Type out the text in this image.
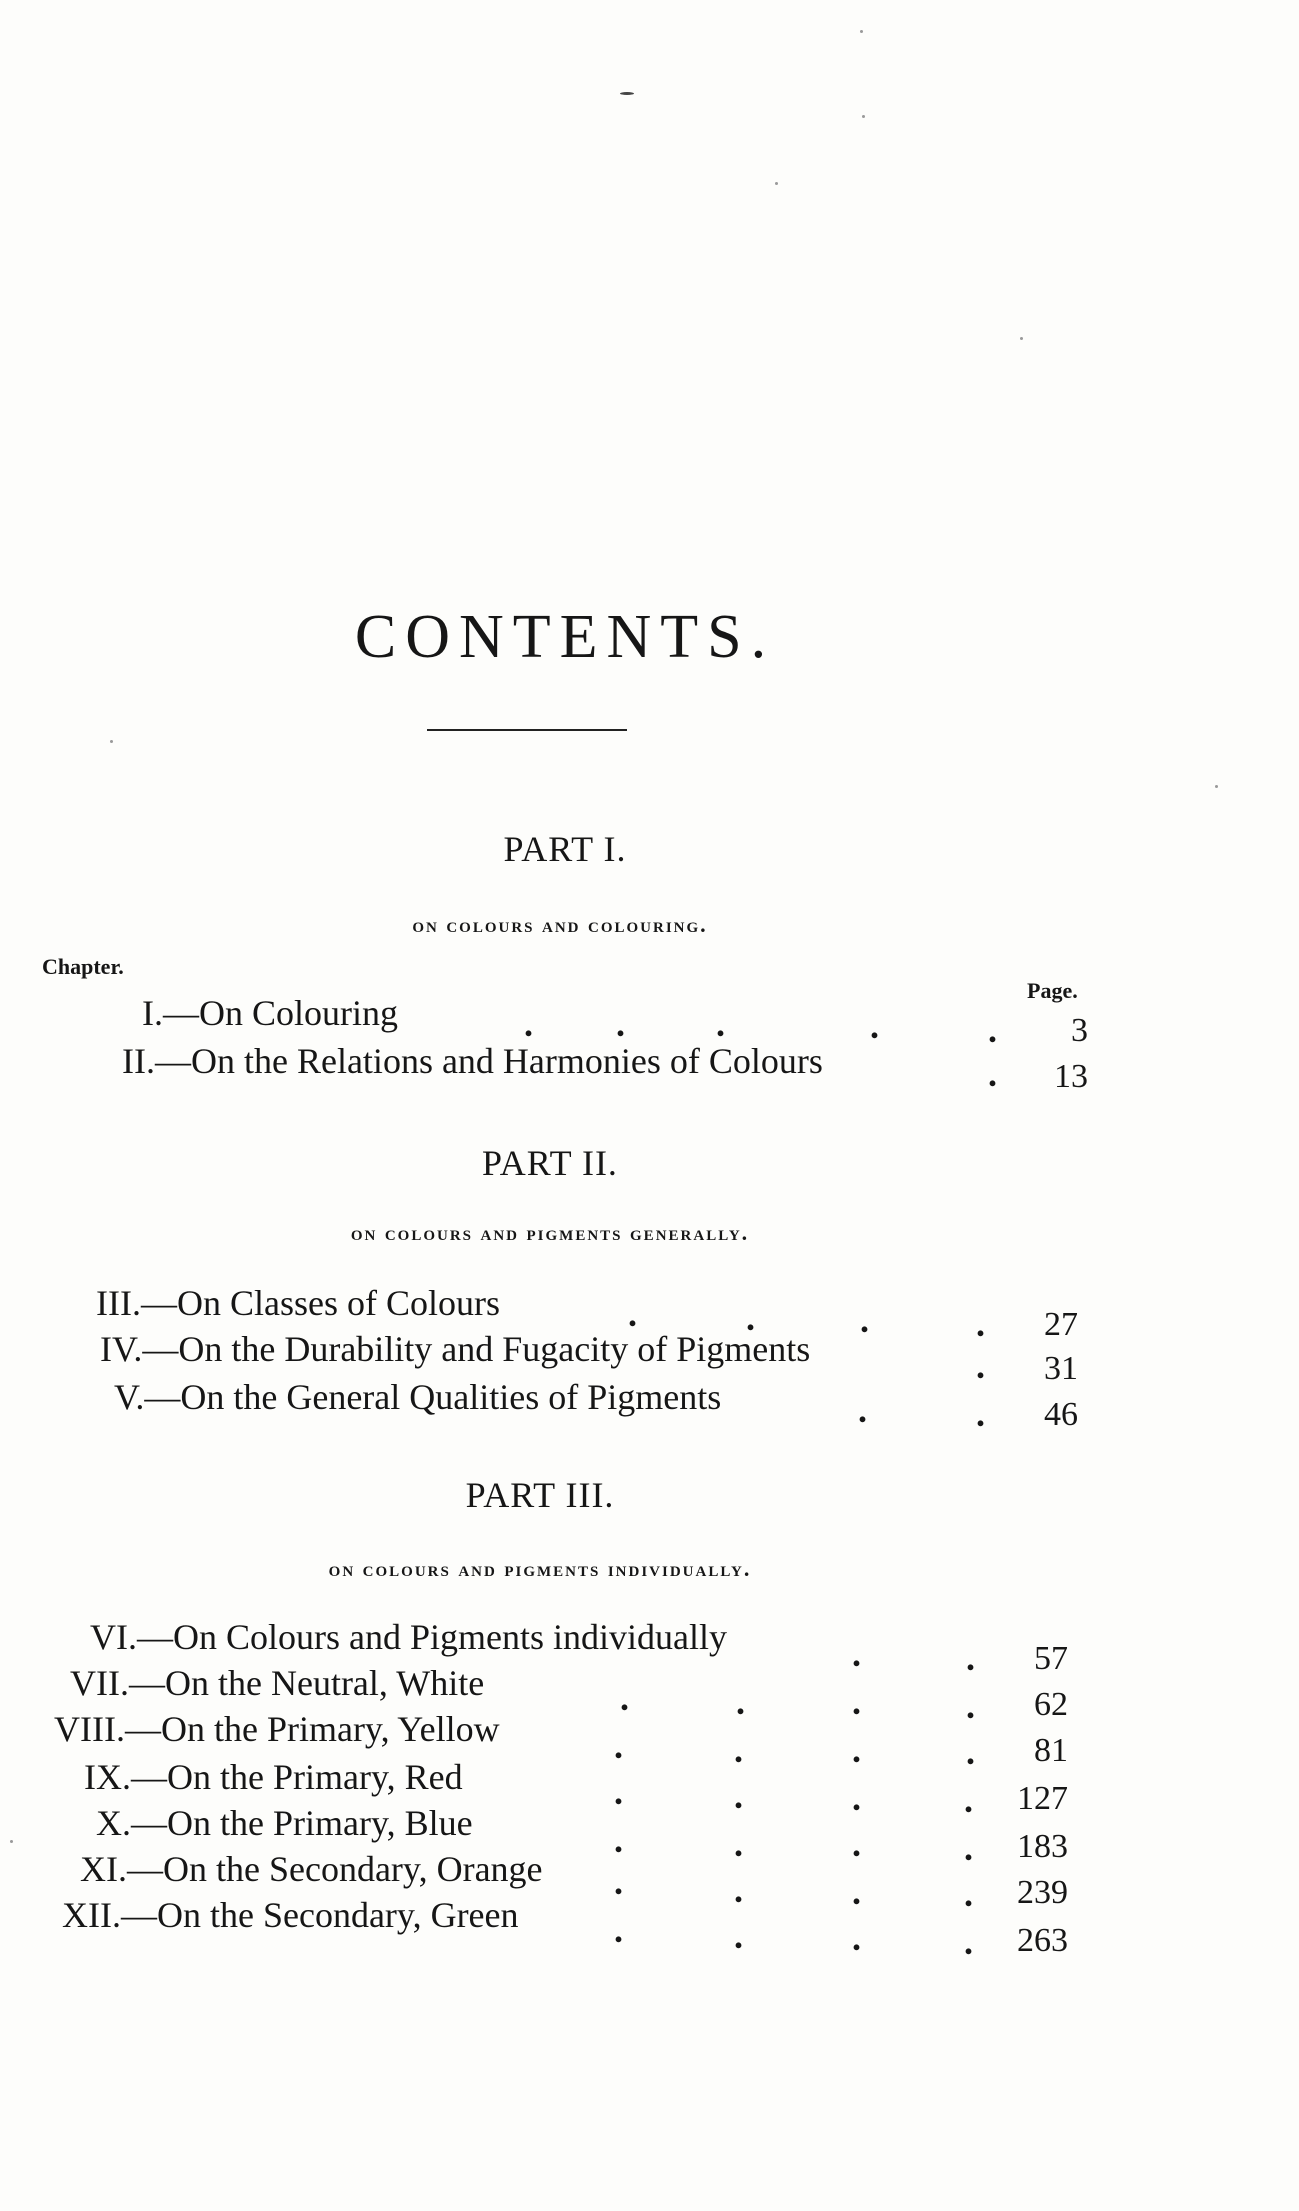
CONTENTS.
PART I.
on colours and colouring.
Chapter.
Page.
I.—On Colouring	. .	.	.	.	3
II.—On the Relations and Harmonies of Colours	.	13
PART II.
on colours and pigments generally.
III.—On Classes of Colours	.	.	.	.	27
IV.—On the Durability and Fugacity of Pigments	.	31
V.—On the General Qualities of Pigments	.	.	46
PART III.
on colours and pigments individually.
VI.—On Colours and Pigments individually	.	.	57
VII.—On the Neutral, White	.	.	.	.	62
VIII.—On the Primary, Yellow	.	.	.	.	81
IX.—On the Primary, Red	.	.	.	.	127
X.—On the Primary, Blue	.	.	.	.	183
XI.—On the Secondary, Orange .	.	.	.	239
XII.—On the Secondary, Green	.	.	.	.	263
